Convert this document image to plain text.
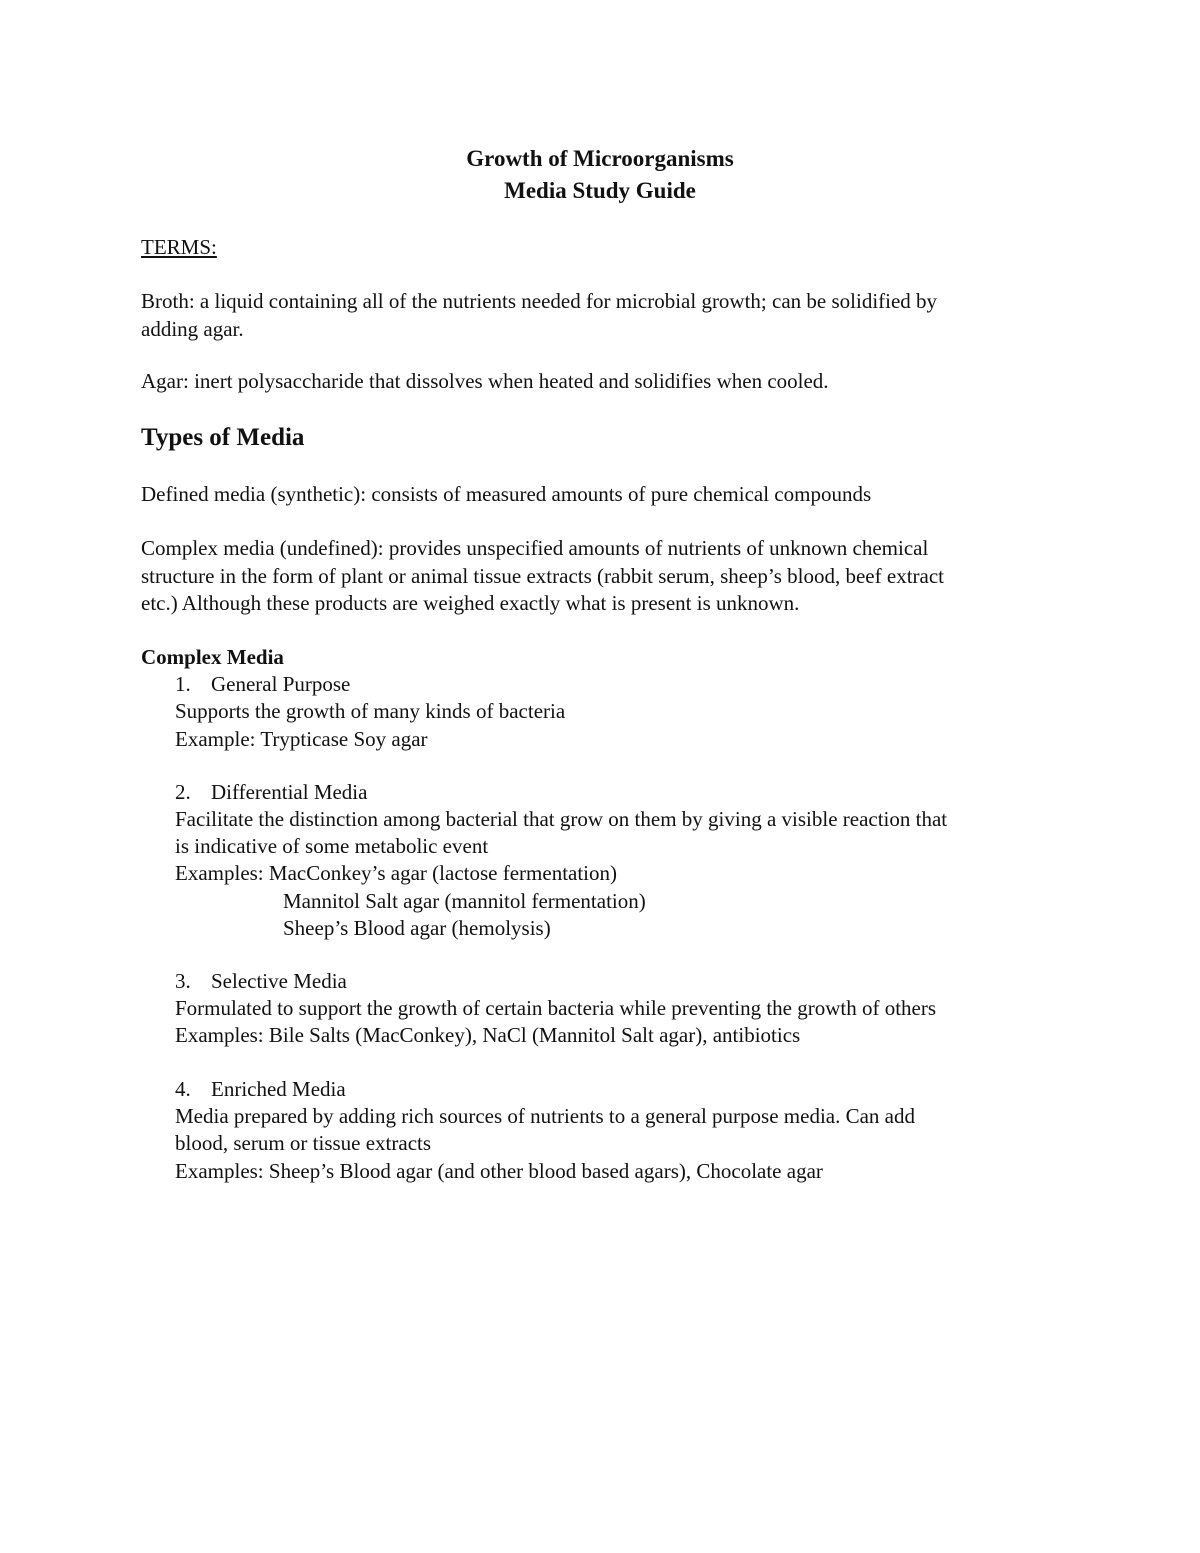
Growth of Microorganisms
Media Study Guide
TERMS:
Broth: a liquid containing all of the nutrients needed for microbial growth; can be solidified by
adding agar.
Agar: inert polysaccharide that dissolves when heated and solidifies when cooled.
Types of Media
Defined media (synthetic): consists of measured amounts of pure chemical compounds
Complex media (undefined): provides unspecified amounts of nutrients of unknown chemical
structure in the form of plant or animal tissue extracts (rabbit serum, sheep’s blood, beef extract
etc.) Although these products are weighed exactly what is present is unknown.
Complex Media
1. General Purpose
Supports the growth of many kinds of bacteria
Example: Trypticase Soy agar
2. Differential Media
Facilitate the distinction among bacterial that grow on them by giving a visible reaction that
is indicative of some metabolic event
Examples: MacConkey’s agar (lactose fermentation)
Mannitol Salt agar (mannitol fermentation)
Sheep’s Blood agar (hemolysis)
3. Selective Media
Formulated to support the growth of certain bacteria while preventing the growth of others
Examples: Bile Salts (MacConkey), NaCl (Mannitol Salt agar), antibiotics
4. Enriched Media
Media prepared by adding rich sources of nutrients to a general purpose media. Can add
blood, serum or tissue extracts
Examples: Sheep’s Blood agar (and other blood based agars), Chocolate agar
